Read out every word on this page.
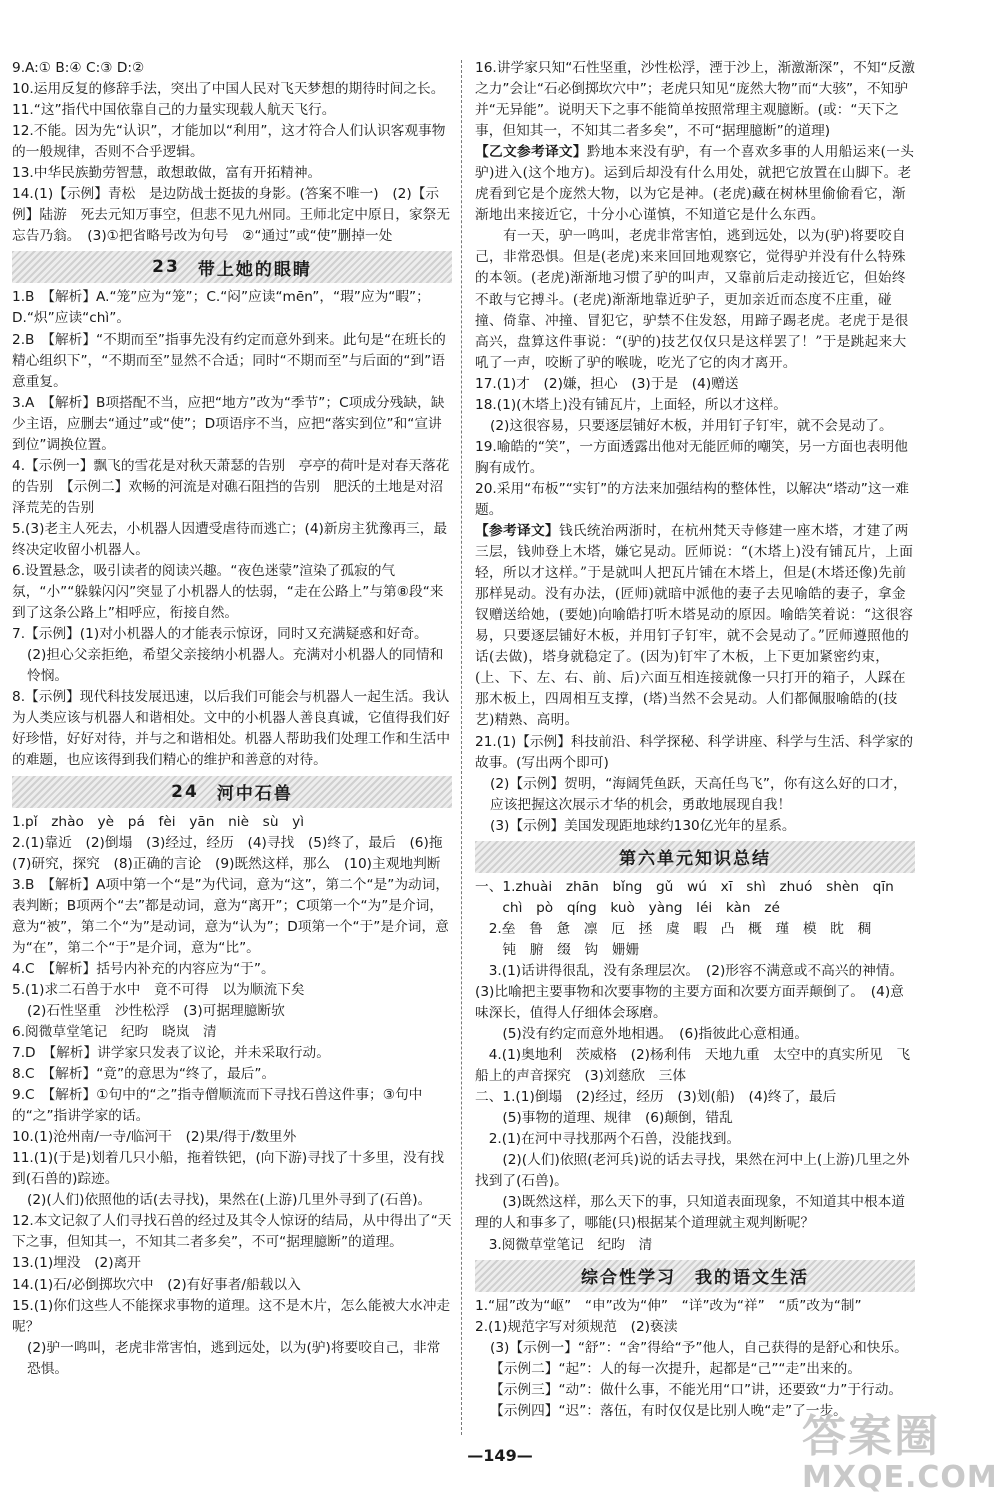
9.A:① B:④ C:③ D:②
10.运用反复的修辞手法，突出了中国人民对飞天梦想的期待时间之长。
11.“这”指代中国依靠自己的力量实现载人航天飞行。
12.不能。因为先“认识”，才能加以“利用”，这才符合人们认识客观事物的一般规律，否则不合乎逻辑。
13.中华民族勤劳智慧，敢想敢做，富有开拓精神。
14.(1)【示例】青松　是边防战士挺拔的身影。(答案不唯一)　(2)【示例】陆游　死去元知万事空，但悲不见九州同。王师北定中原日，家祭无忘告乃翁。　(3)①把省略号改为句号　②“通过”或“使”删掉一处
23 带上她的眼睛
1.B　【解析】A.“笼”应为“笼”；C.“闷”应读“mēn”，“瑕”应为“暇”；D.“炽”应读“chì”。
2.B　【解析】“不期而至”指事先没有约定而意外到来。此句是“在班长的精心组织下”，“不期而至”显然不合适；同时“不期而至”与后面的“到”语意重复。
3.A　【解析】B项搭配不当，应把“地方”改为“季节”；C项成分残缺，缺少主语，应删去“通过”或“使”；D项语序不当，应把“落实到位”和“宣讲到位”调换位置。
4.【示例一】飘飞的雪花是对秋天萧瑟的告别　亭亭的荷叶是对春天落花的告别　【示例二】欢畅的河流是对礁石阻挡的告别　肥沃的土地是对沼泽荒芜的告别
5.(3)老主人死去，小机器人因遭受虐待而逃亡；(4)新房主犹豫再三，最终决定收留小机器人。
6.设置悬念，吸引读者的阅读兴趣。“夜色迷蒙”渲染了孤寂的气氛，“小”“躲躲闪闪”突显了小机器人的怯弱，“走在公路上”与第⑧段“来到了这条公路上”相呼应，衔接自然。
7.【示例】(1)对小机器人的才能表示惊讶，同时又充满疑惑和好奇。
(2)担心父亲拒绝，希望父亲接纳小机器人。充满对小机器人的同情和怜悯。
8.【示例】现代科技发展迅速，以后我们可能会与机器人一起生活。我认为人类应该与机器人和谐相处。文中的小机器人善良真诚，它值得我们好好珍惜，好好对待，并与之和谐相处。机器人帮助我们处理工作和生活中的难题，也应该得到我们精心的维护和善意的对待。
24 河中石兽
1.pǐ　zhào　yè　pá　fèi　yān　niè　sù　yì
2.(1)靠近　(2)倒塌　(3)经过，经历　(4)寻找　(5)终了，最后　(6)拖　(7)研究，探究　(8)正确的言论　(9)既然这样，那么　(10)主观地判断
3.B　【解析】A项中第一个“是”为代词，意为“这”，第二个“是”为动词，表判断；B项两个“去”都是动词，意为“离开”；C项第一个“为”是介词，意为“被”，第二个“为”是动词，意为“认为”；D项第一个“于”是介词，意为“在”，第二个“于”是介词，意为“比”。
4.C　【解析】括号内补充的内容应为“于”。
5.(1)求二石兽于水中　竟不可得　以为顺流下矣
(2)石性坚重　沙性松浮　(3)可据理臆断欤
6.阅微草堂笔记　纪昀　晓岚　清
7.D　【解析】讲学家只发表了议论，并未采取行动。
8.C　【解析】“竟”的意思为“终了，最后”。
9.C　【解析】①句中的“之”指寺僧顺流而下寻找石兽这件事；③句中的“之”指讲学家的话。
10.(1)沧州南/一寺/临河干　(2)果/得于/数里外
11.(1)(于是)划着几只小船，拖着铁钯，(向下游)寻找了十多里，没有找到(石兽的)踪迹。
(2)(人们)依照他的话(去寻找)，果然在(上游)几里外寻到了(石兽)。
12.本文记叙了人们寻找石兽的经过及其令人惊讶的结局，从中得出了“天下之事，但知其一，不知其二者多矣”，不可“据理臆断”的道理。
13.(1)埋没　(2)离开
14.(1)石/必倒掷坎穴中　(2)有好事者/船载以入
15.(1)你们这些人不能探求事物的道理。这不是木片，怎么能被大水冲走呢？
(2)驴一鸣叫，老虎非常害怕，逃到远处，以为(驴)将要咬自己，非常恐惧。
16.讲学家只知“石性坚重，沙性松浮，湮于沙上，渐激渐深”，不知“反激之力”会让“石必倒掷坎穴中”；老虎只知见“庞然大物”而“大骇”，不知驴并“无异能”。说明天下之事不能简单按照常理主观臆断。(或：“天下之事，但知其一，不知其二者多矣”，不可“据理臆断”的道理)
【乙文参考译文】黔地本来没有驴，有一个喜欢多事的人用船运来(一头驴)进入(这个地方)。运到后却没有什么用处，就把它放置在山脚下。老虎看到它是个庞然大物，以为它是神。(老虎)藏在树林里偷偷看它，渐渐地出来接近它，十分小心谨慎，不知道它是什么东西。
　　有一天，驴一鸣叫，老虎非常害怕，逃到远处，以为(驴)将要咬自己，非常恐惧。但是(老虎)来来回回地观察它，觉得驴并没有什么特殊的本领。(老虎)渐渐地习惯了驴的叫声，又靠前后走动接近它，但始终不敢与它搏斗。(老虎)渐渐地靠近驴子，更加亲近而态度不庄重，碰撞、倚靠、冲撞、冒犯它，驴禁不住发怒，用蹄子踢老虎。老虎于是很高兴，盘算这件事说：“(驴的)技艺仅仅只是这样罢了！”于是跳起来大吼了一声，咬断了驴的喉咙，吃光了它的肉才离开。
17.(1)才　(2)嫌，担心　(3)于是　(4)赠送
18.(1)(木塔上)没有铺瓦片，上面轻，所以才这样。
(2)这很容易，只要逐层铺好木板，并用钉子钉牢，就不会晃动了。
19.喻皓的“笑”，一方面透露出他对无能匠师的嘲笑，另一方面也表明他胸有成竹。
20.采用“布板”“实钉”的方法来加强结构的整体性，以解决“塔动”这一难题。
【参考译文】钱氏统治两浙时，在杭州梵天寺修建一座木塔，才建了两三层，钱帅登上木塔，嫌它晃动。匠师说：“(木塔上)没有铺瓦片，上面轻，所以才这样。”于是就叫人把瓦片铺在木塔上，但是(木塔还像)先前那样晃动。没有办法，(匠师)就暗中派他的妻子去见喻皓的妻子，拿金钗赠送给她，(要她)向喻皓打听木塔晃动的原因。喻皓笑着说：“这很容易，只要逐层铺好木板，并用钉子钉牢，就不会晃动了。”匠师遵照他的话(去做)，塔身就稳定了。(因为)钉牢了木板，上下更加紧密约束，(上、下、左、右、前、后)六面互相连接就像一只打开的箱子，人踩在那木板上，四周相互支撑，(塔)当然不会晃动。人们都佩服喻皓的(技艺)精熟、高明。
21.(1)【示例】科技前沿、科学探秘、科学讲座、科学与生活、科学家的故事。(写出两个即可)
(2)【示例】贺明，“海阔凭鱼跃，天高任鸟飞”，你有这么好的口才，应该把握这次展示才华的机会，勇敢地展现自我！
(3)【示例】美国发现距地球约130亿光年的星系。
第六单元知识总结
一、1.zhuài　zhān　bǐng　gǔ　wú　xī　shì　zhuó　shèn　qīn
　　chì　pò　qíng　kuò　yàng　léi　kàn　zé
　2.垒　鲁　惫　凛　厄　拯　虞　暇　凸　概　瑾　模　眈　稠
　　钝　腑　缀　钩　姗姗
　3.(1)话讲得很乱，没有条理层次。　(2)形容不满意或不高兴的神情。　(3)比喻把主要事物和次要事物的主要方面和次要方面弄颠倒了。　(4)意味深长，值得人仔细体会琢磨。
　　(5)没有约定而意外地相遇。　(6)指彼此心意相通。
　4.(1)奥地利　茨威格　(2)杨利伟　天地九重　太空中的真实所见　飞船上的声音探究　(3)刘慈欣　三体
二、1.(1)倒塌　(2)经过，经历　(3)划(船)　(4)终了，最后
　　(5)事物的道理、规律　(6)颠倒，错乱
　2.(1)在河中寻找那两个石兽，没能找到。
　　(2)(人们)依照(老河兵)说的话去寻找，果然在河中上(上游)几里之外找到了(石兽)。
　　(3)既然这样，那么天下的事，只知道表面现象，不知道其中根本道理的人和事多了，哪能(只)根据某个道理就主观判断呢？
　3.阅微草堂笔记　纪昀　清
综合性学习　我的语文生活
1.“屈”改为“岖”　“申”改为“伸”　“详”改为“祥”　“质”改为“制”
2.(1)规范字写对须规范　(2)亵渎
(3)【示例一】“舒”：“舍”得给“予”他人，自己获得的是舒心和快乐。
【示例二】“起”：人的每一次提升，起都是“己”“走”出来的。
【示例三】“动”：做什么事，不能光用“口”讲，还要致“力”于行动。
【示例四】“迟”：落伍，有时仅仅是比别人晚“走”了一步。
—149—	答案圈
MXQE.COM
